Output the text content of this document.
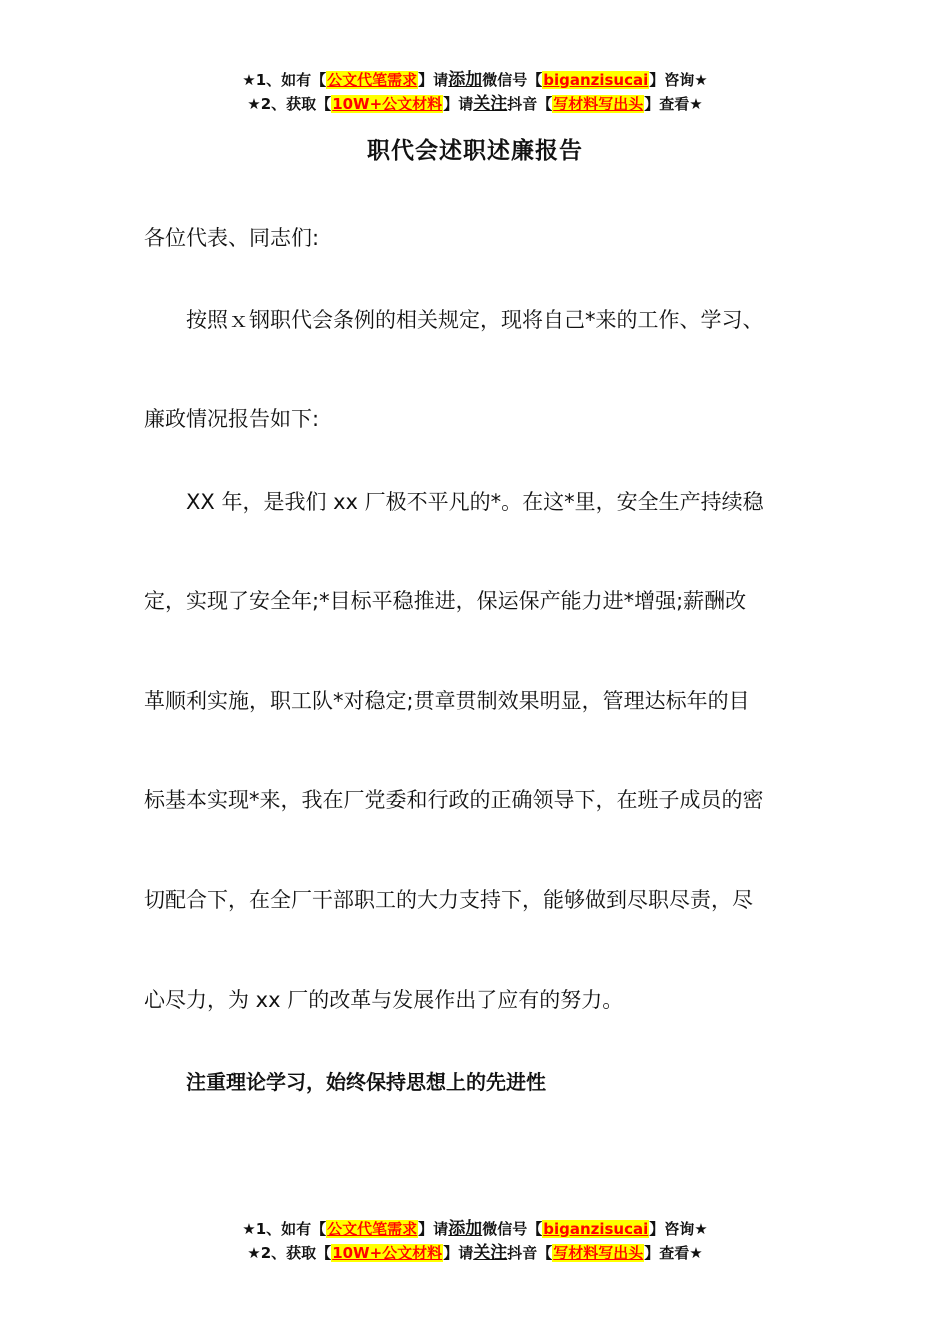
★1、如有【公文代笔需求】请添加微信号【biganzisucai】咨询★
★2、获取【10W+公文材料】请关注抖音【写材料写出头】查看★
职代会述职述廉报告
各位代表、同志们:
按照ｘ钢职代会条例的相关规定，现将自己*来的工作、学习、
廉政情况报告如下:
XX 年，是我们 xx 厂极不平凡的*。在这*里，安全生产持续稳
定，实现了安全年;*目标平稳推进，保运保产能力进*增强;薪酬改
革顺利实施，职工队*对稳定;贯章贯制效果明显，管理达标年的目
标基本实现*来，我在厂党委和行政的正确领导下，在班子成员的密
切配合下，在全厂干部职工的大力支持下，能够做到尽职尽责，尽
心尽力，为 xx 厂的改革与发展作出了应有的努力。
注重理论学习，始终保持思想上的先进性
★1、如有【公文代笔需求】请添加微信号【biganzisucai】咨询★
★2、获取【10W+公文材料】请关注抖音【写材料写出头】查看★
